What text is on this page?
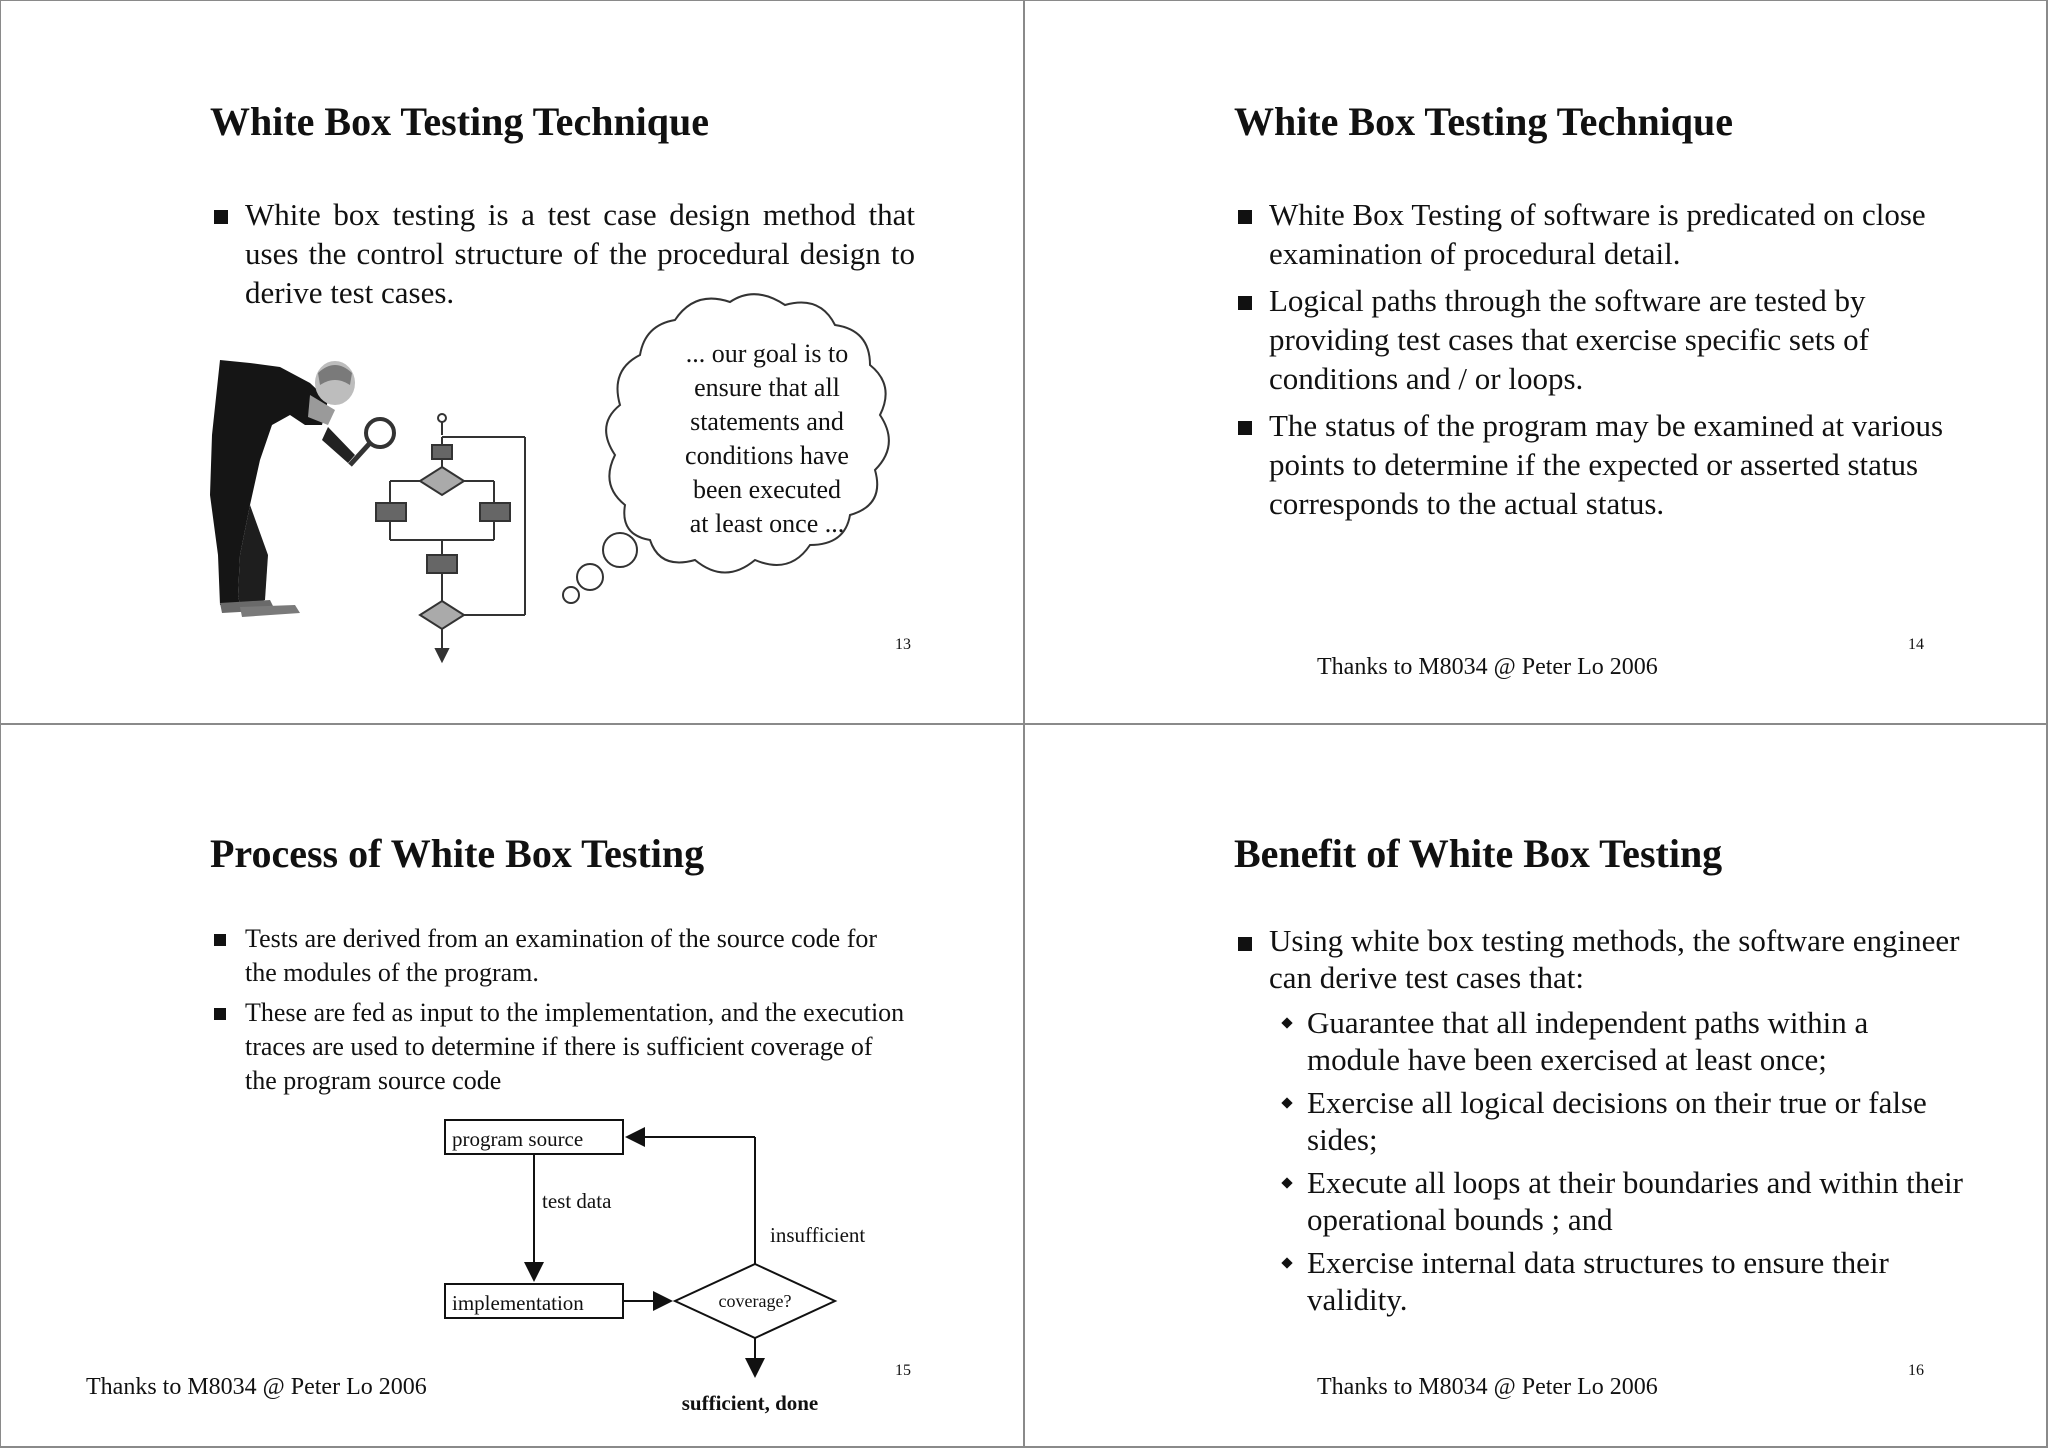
White Box Testing Technique
White box testing is a test case design method that uses the control structure of the procedural design to derive test cases.
... our goal is to
ensure that all
statements and
conditions have
been executed
at least once ...
13
White Box Testing Technique
White Box Testing of software is predicated on close examination of procedural detail.
Logical paths through the software are tested by providing test cases that exercise specific sets of conditions and / or loops.
The status of the program may be examined at various points to determine if the expected or asserted status corresponds to the actual status.
Thanks to M8034 @ Peter Lo 2006
14
Process of White Box Testing
Tests are derived from an examination of the source code for the modules of the program.
These are fed as input to the implementation, and the execution traces are used to determine if there is sufficient coverage of the program source code
program source
test data
implementation	coverage?
insufficient
sufficient, done
Thanks to M8034 @ Peter Lo 2006
15
Benefit of White Box Testing
Using white box testing methods, the software engineer can derive test cases that:
Guarantee that all independent paths within a module have been exercised at least once;
Exercise all logical decisions on their true or false sides;
Execute all loops at their boundaries and within their operational bounds ; and
Exercise internal data structures to ensure their validity.
Thanks to M8034 @ Peter Lo 2006
16
